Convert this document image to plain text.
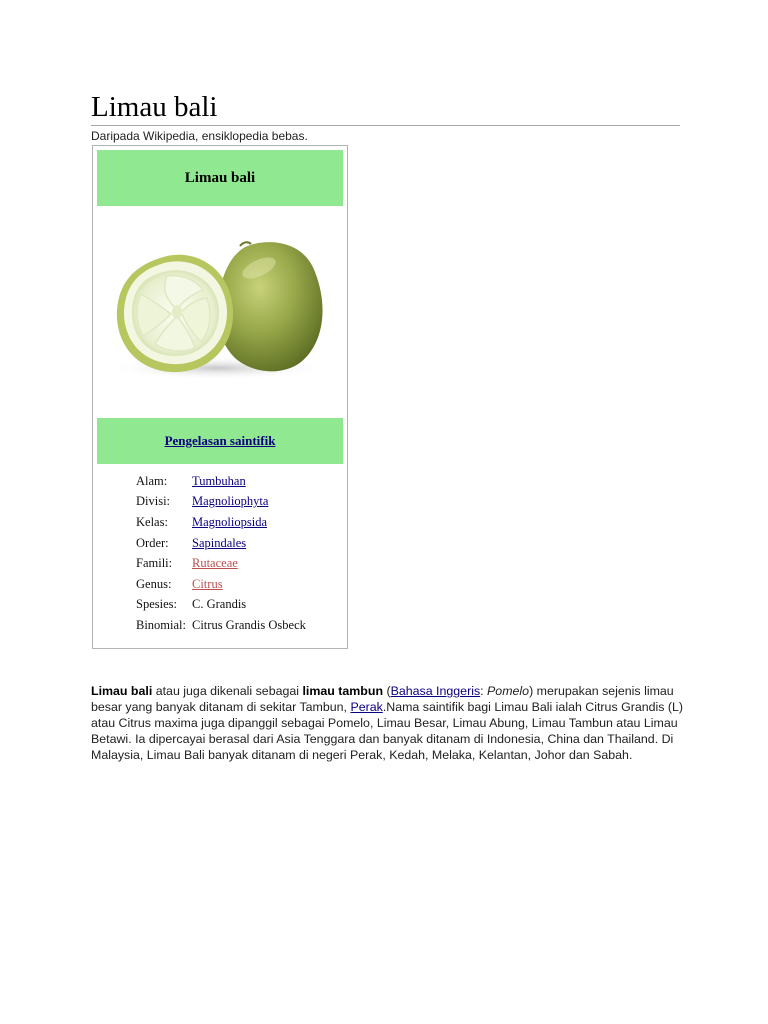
Limau bali
Daripada Wikipedia, ensiklopedia bebas.
Limau bali
Pengelasan saintifik
Alam:	Tumbuhan
Divisi:	Magnoliophyta
Kelas:	Magnoliopsida
Order:	Sapindales
Famili:	Rutaceae
Genus:	Citrus
Spesies:	C. Grandis
Binomial: Citrus Grandis Osbeck

Limau bali atau juga dikenali sebagai limau tambun (Bahasa Inggeris: Pomelo) merupakan sejenis limau besar yang banyak ditanam di sekitar Tambun, Perak.Nama saintifik bagi Limau Bali ialah Citrus Grandis (L) atau Citrus maxima juga dipanggil sebagai Pomelo, Limau Besar, Limau Abung, Limau Tambun atau Limau Betawi. Ia dipercayai berasal dari Asia Tenggara dan banyak ditanam di Indonesia, China dan Thailand. Di Malaysia, Limau Bali banyak ditanam di negeri Perak, Kedah, Melaka, Kelantan, Johor dan Sabah.
